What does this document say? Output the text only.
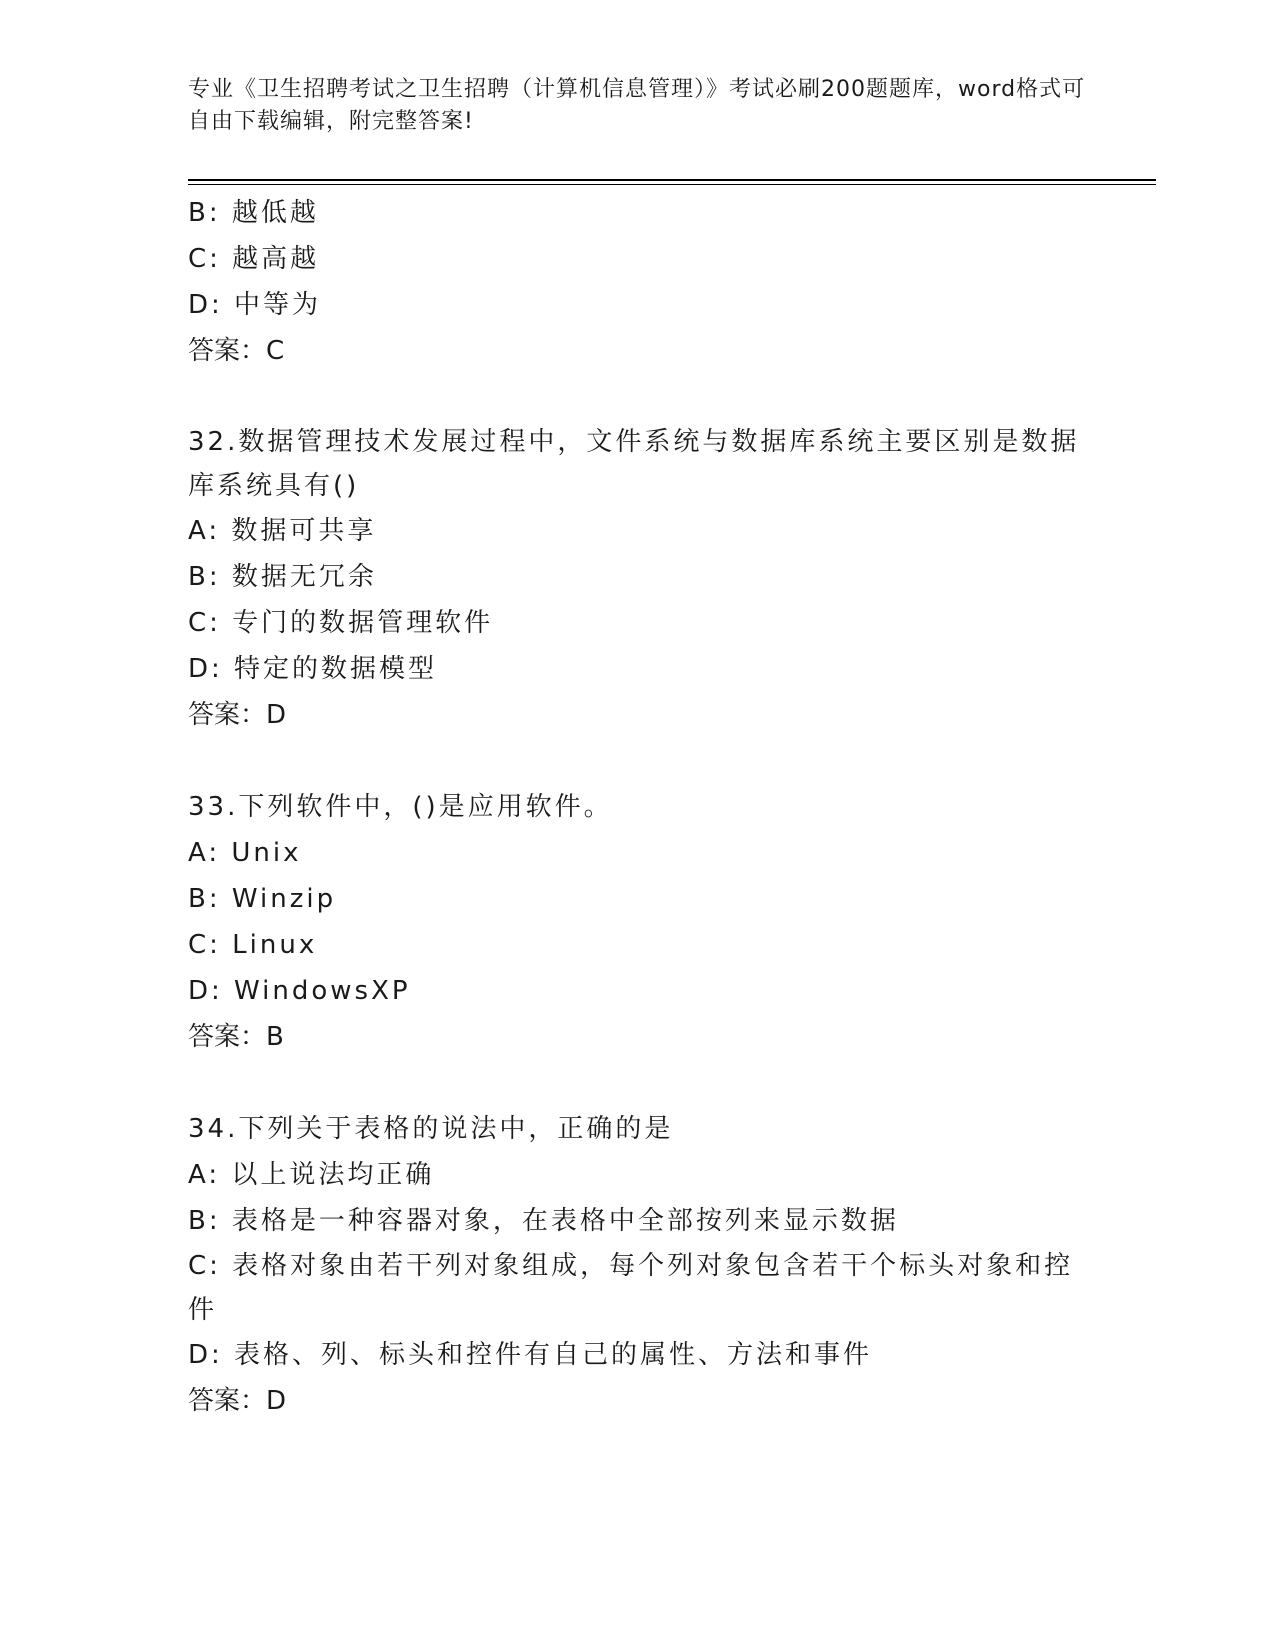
专业《卫生招聘考试之卫生招聘（计算机信息管理）》考试必刷200题题库，word格式可自由下载编辑，附完整答案!
B: 越低越
C: 越高越
D: 中等为
答案：C
32.数据管理技术发展过程中，文件系统与数据库系统主要区别是数据库系统具有()
A: 数据可共享
B: 数据无冗余
C: 专门的数据管理软件
D: 特定的数据模型
答案：D
33.下列软件中，()是应用软件。
A: Unix
B: Winzip
C: Linux
D: WindowsXP
答案：B
34.下列关于表格的说法中，正确的是
A: 以上说法均正确
B: 表格是一种容器对象，在表格中全部按列来显示数据
C: 表格对象由若干列对象组成，每个列对象包含若干个标头对象和控件
D: 表格、列、标头和控件有自己的属性、方法和事件
答案：D
